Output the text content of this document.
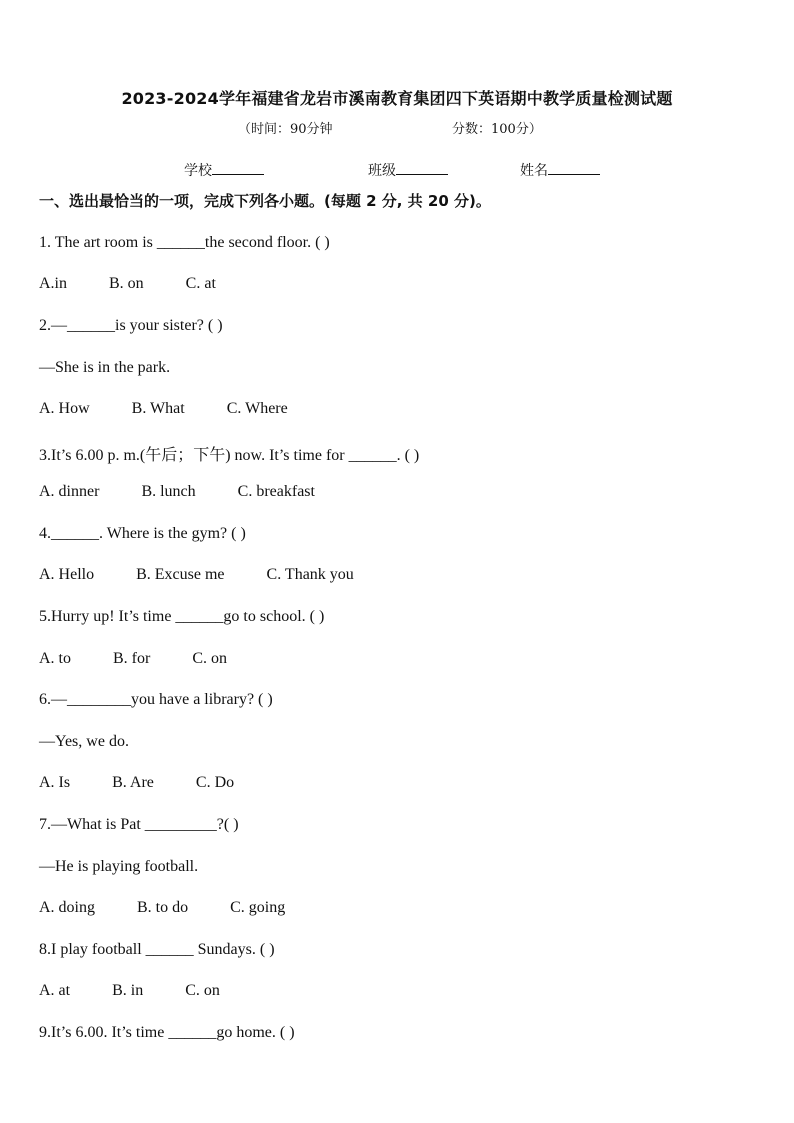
2023-2024学年福建省龙岩市溪南教育集团四下英语期中教学质量检测试题
（时间：90分钟	分数：100分）
学校	班级	姓名
一、选出最恰当的一项，完成下列各小题。(每题 2 分, 共 20 分)。
1. The art room is ______the second floor. ( )
A.in	B. on	C. at
2.—______is your sister? ( )
—She is in the park.
A. How	B. What	C. Where
3.It’s 6.00 p. m.(午后；下午) now. It’s time for ______. ( )
A. dinner	B. lunch	C. breakfast
4.______. Where is the gym? ( )
A. Hello	B. Excuse me	C. Thank you
5.Hurry up! It’s time ______go to school. ( )
A. to	B. for	C. on
6.—________you have a library? ( )
—Yes, we do.
A. Is	B. Are	C. Do
7.—What is Pat _________?( )
—He is playing football.
A. doing	B. to do	C. going
8.I play football ______ Sundays. ( )
A. at	B. in	C. on
9.It’s 6.00. It’s time ______go home. ( )
